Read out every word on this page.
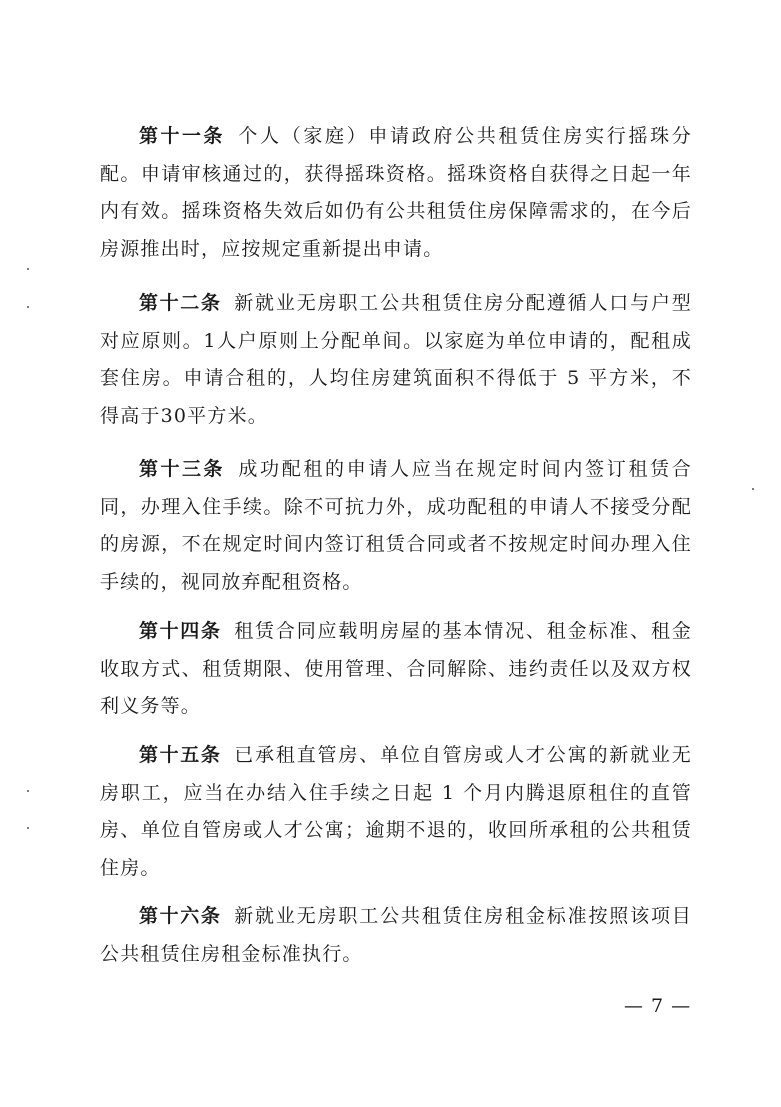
第十一条 个人（家庭）申请政府公共租赁住房实行摇珠分配。申请审核通过的，获得摇珠资格。摇珠资格自获得之日起一年内有效。摇珠资格失效后如仍有公共租赁住房保障需求的，在今后房源推出时，应按规定重新提出申请。

第十二条 新就业无房职工公共租赁住房分配遵循人口与户型对应原则。1人户原则上分配单间。以家庭为单位申请的，配租成套住房。申请合租的，人均住房建筑面积不得低于 5 平方米，不得高于30平方米。

第十三条 成功配租的申请人应当在规定时间内签订租赁合同，办理入住手续。除不可抗力外，成功配租的申请人不接受分配的房源，不在规定时间内签订租赁合同或者不按规定时间办理入住手续的，视同放弃配租资格。

第十四条 租赁合同应载明房屋的基本情况、租金标准、租金收取方式、租赁期限、使用管理、合同解除、违约责任以及双方权利义务等。

第十五条 已承租直管房、单位自管房或人才公寓的新就业无房职工，应当在办结入住手续之日起 1 个月内腾退原租住的直管房、单位自管房或人才公寓；逾期不退的，收回所承租的公共租赁住房。

第十六条 新就业无房职工公共租赁住房租金标准按照该项目公共租赁住房租金标准执行。

— 7 —
